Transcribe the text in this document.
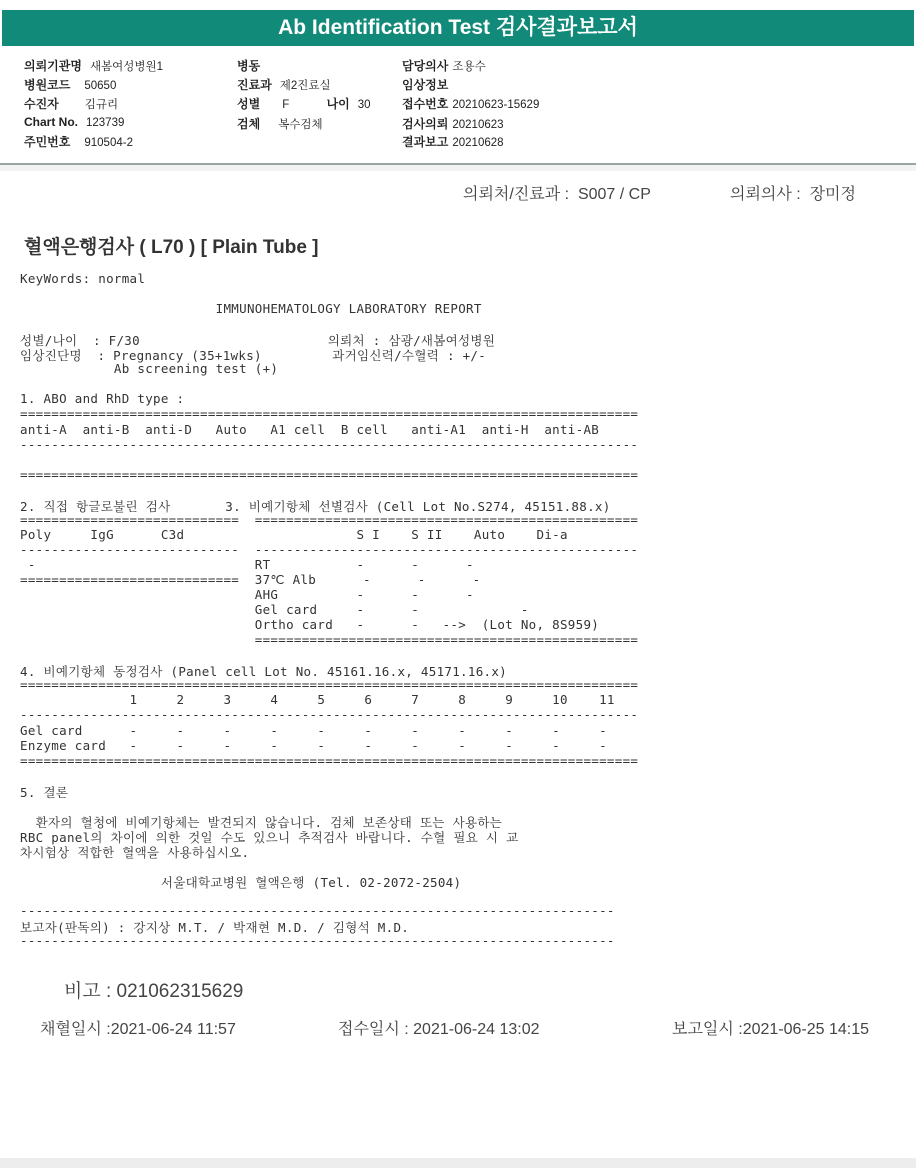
Ab Identification Test 검사결과보고서
의뢰기관명 새봄여성병원1
병원코드 50650
수진자 김규리
Chart No. 123739
주민번호 910504-2
병동
진료과 제2진료실
성별 F	나이 30
검체 복수검체
담당의사 조용수
임상정보
접수번호 20210623-15629
검사의뢰 20210623
결과보고 20210628
의뢰처/진료과 :  S007 / CP	의뢰의사 :  장미정
혈액은행검사 ( L70 ) [ Plain Tube ]
KeyWords: normal
IMMUNOHEMATOLOGY LABORATORY REPORT
성별/나이  : F/30                        의뢰처 : 삼광/새봄여성병원
임상진단명  : Pregnancy (35+1wks)         과거임신력/수혈력 : +/-
Ab screening test (+)
1. ABO and RhD type :
===============================================================================
anti-A  anti-B  anti-D   Auto   A1 cell  B cell   anti-A1  anti-H  anti-AB
-------------------------------------------------------------------------------
===============================================================================
2. 직접 항글로불린 검사       3. 비예기항체 선별검사 (Cell Lot No.S274, 45151.88.x)
============================  =================================================
Poly     IgG      C3d                      S I    S II    Auto    Di-a
----------------------------  -------------------------------------------------
-                            RT           -      -      -
============================  37℃ Alb      -      -      -
AHG          -      -      -
Gel card     -      -             -
Ortho card   -      -   -->  (Lot No, 8S959)
=================================================
4. 비예기항체 동정검사 (Panel cell Lot No. 45161.16.x, 45171.16.x)
===============================================================================
1     2     3     4     5     6     7     8     9     10    11
-------------------------------------------------------------------------------
Gel card      -     -     -     -     -     -     -     -     -     -     -
Enzyme card   -     -     -     -     -     -     -     -     -     -     -
===============================================================================
5. 결론
환자의 혈청에 비예기항체는 발견되지 않습니다. 검체 보존상태 또는 사용하는
RBC panel의 차이에 의한 것일 수도 있으니 추적검사 바랍니다. 수혈 필요 시 교
차시험상 적합한 혈액을 사용하십시오.
서울대학교병원 혈액은행 (Tel. 02-2072-2504)
----------------------------------------------------------------------------
보고자(판독의) : 강지상 M.T. / 박재현 M.D. / 김형석 M.D.
----------------------------------------------------------------------------
비고 : 021062315629
채혈일시 :2021-06-24 11:57	접수일시 : 2021-06-24 13:02	보고일시 :2021-06-25 14:15
